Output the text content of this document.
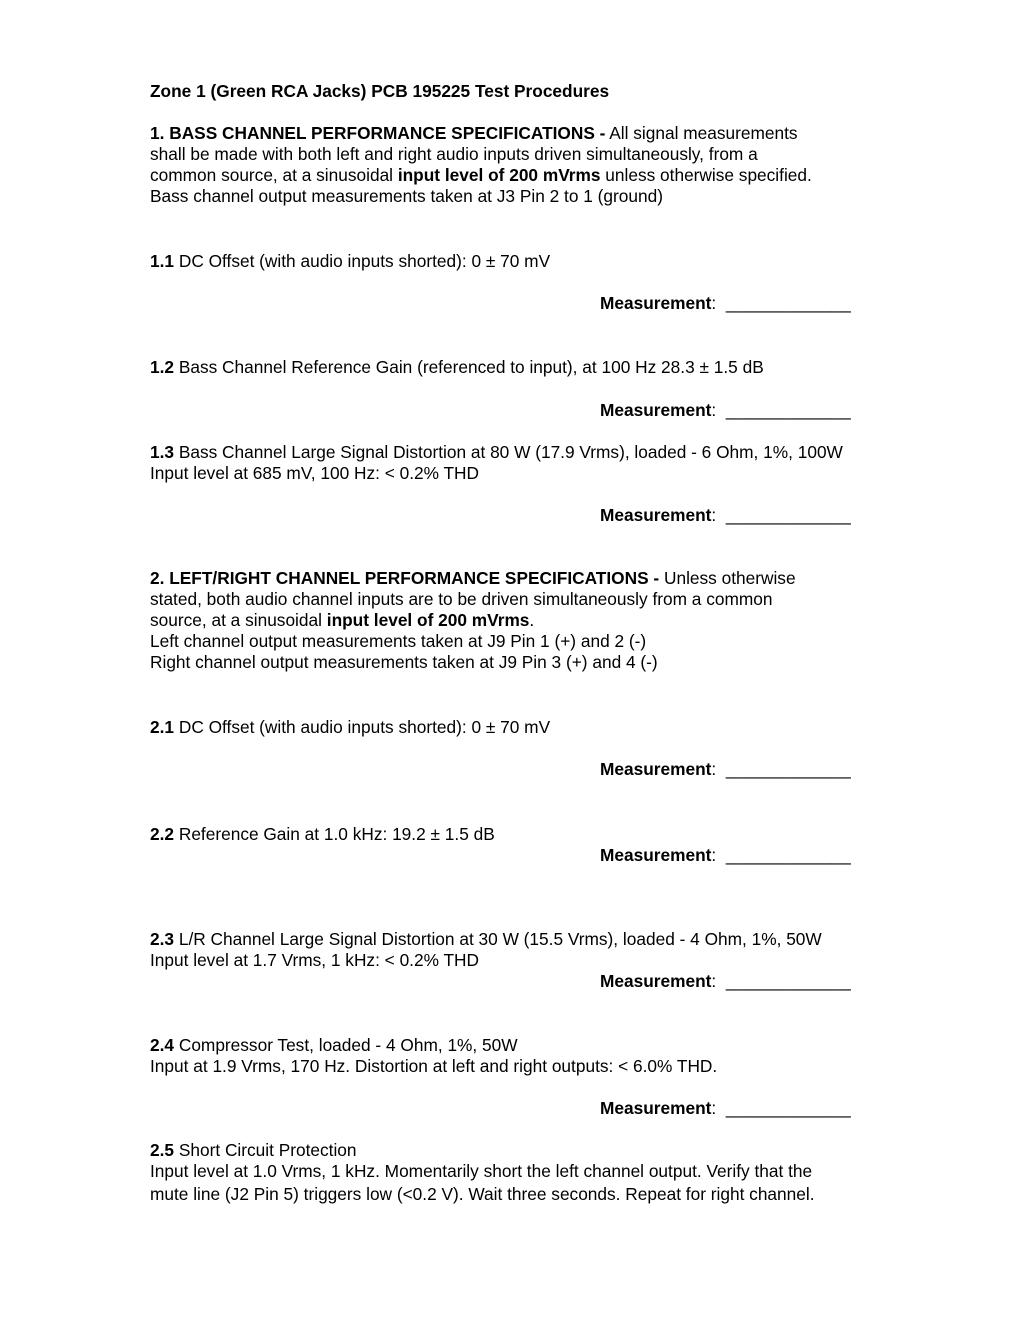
Zone 1 (Green RCA Jacks) PCB 195225 Test Procedures
1. BASS CHANNEL PERFORMANCE SPECIFICATIONS - All signal measurements
shall be made with both left and right audio inputs driven simultaneously, from a
common source, at a sinusoidal input level of 200 mVrms unless otherwise specified.
Bass channel output measurements taken at J3 Pin 2 to 1 (ground)
1.1 DC Offset (with audio inputs shorted): 0 ± 70 mV
Measurement:  _____________
1.2 Bass Channel Reference Gain (referenced to input), at 100 Hz 28.3 ± 1.5 dB
Measurement:  _____________
1.3 Bass Channel Large Signal Distortion at 80 W (17.9 Vrms), loaded - 6 Ohm, 1%, 100W
Input level at 685 mV, 100 Hz: < 0.2% THD
Measurement:  _____________
2. LEFT/RIGHT CHANNEL PERFORMANCE SPECIFICATIONS - Unless otherwise
stated, both audio channel inputs are to be driven simultaneously from a common
source, at a sinusoidal input level of 200 mVrms.
Left channel output measurements taken at J9 Pin 1 (+) and 2 (-)
Right channel output measurements taken at J9 Pin 3 (+) and 4 (-)
2.1 DC Offset (with audio inputs shorted): 0 ± 70 mV
Measurement:  _____________
2.2 Reference Gain at 1.0 kHz: 19.2 ± 1.5 dB
Measurement:  _____________
2.3 L/R Channel Large Signal Distortion at 30 W (15.5 Vrms), loaded - 4 Ohm, 1%, 50W
Input level at 1.7 Vrms, 1 kHz: < 0.2% THD
Measurement:  _____________
2.4 Compressor Test, loaded - 4 Ohm, 1%, 50W
Input at 1.9 Vrms, 170 Hz. Distortion at left and right outputs: < 6.0% THD.
Measurement:  _____________
2.5 Short Circuit Protection
Input level at 1.0 Vrms, 1 kHz. Momentarily short the left channel output. Verify that the
mute line (J2 Pin 5) triggers low (<0.2 V). Wait three seconds. Repeat for right channel.
